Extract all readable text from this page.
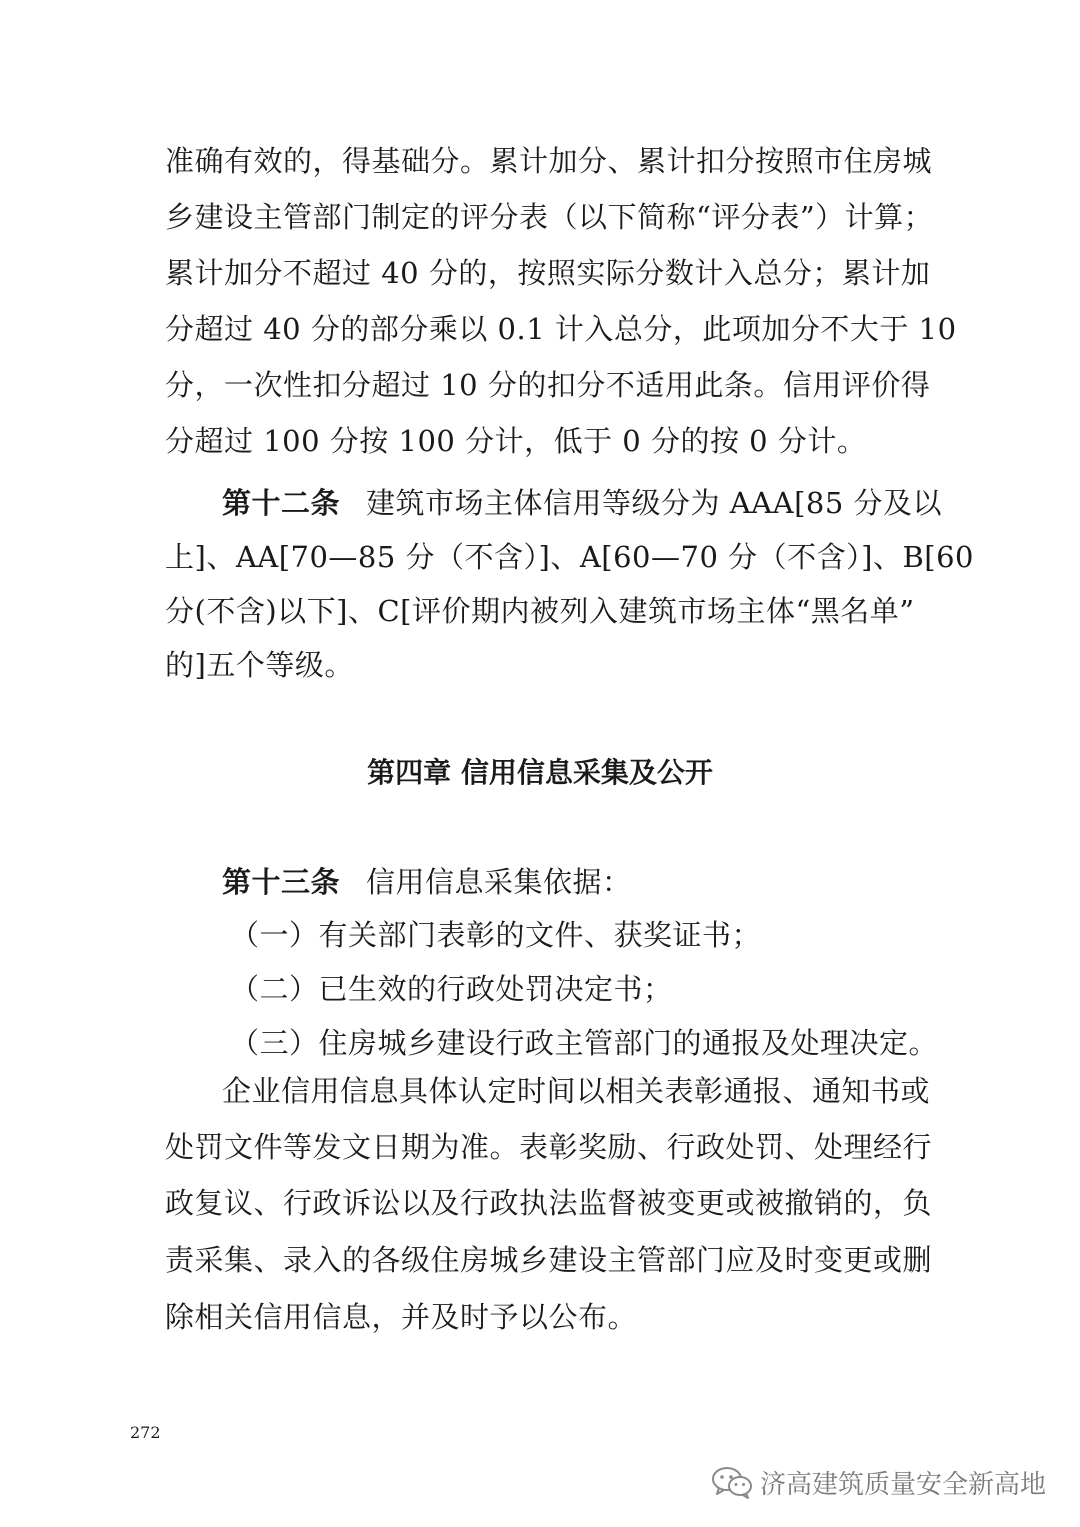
准确有效的，得基础分。累计加分、累计扣分按照市住房城
乡建设主管部门制定的评分表（以下简称“评分表”）计算；
累计加分不超过 40 分的，按照实际分数计入总分；累计加
分超过 40 分的部分乘以 0.1 计入总分，此项加分不大于 10
分，一次性扣分超过 10 分的扣分不适用此条。信用评价得
分超过 100 分按 100 分计，低于 0 分的按 0 分计。
第十二条 建筑市场主体信用等级分为 AAA[85 分及以
上]、AA[70—85 分（不含）]、A[60—70 分（不含）]、B[60
分(不含)以下]、C[评价期内被列入建筑市场主体“黑名单”
的]五个等级。
第四章 信用信息采集及公开
第十三条 信用信息采集依据：
（一）有关部门表彰的文件、获奖证书；
（二）已生效的行政处罚决定书；
（三）住房城乡建设行政主管部门的通报及处理决定。
企业信用信息具体认定时间以相关表彰通报、通知书或
处罚文件等发文日期为准。表彰奖励、行政处罚、处理经行
政复议、行政诉讼以及行政执法监督被变更或被撤销的，负
责采集、录入的各级住房城乡建设主管部门应及时变更或删
除相关信用信息，并及时予以公布。
272
济高建筑质量安全新高地
